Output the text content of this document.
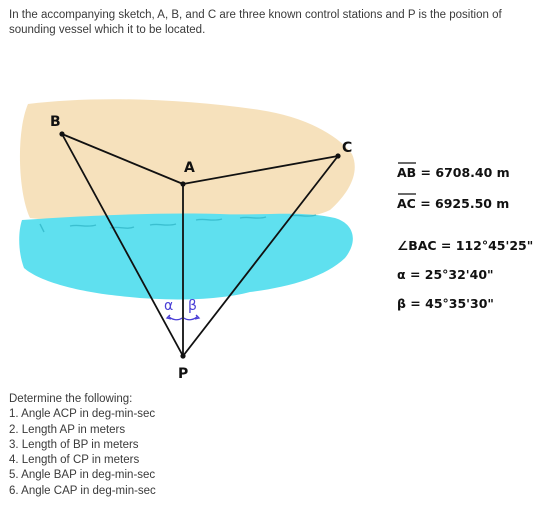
In the accompanying sketch, A, B, and C are three known control stations and P is the position of sounding vessel which it to be located.
B
A
C
P
α β
AB = 6708.40 m
AC = 6925.50 m
∠BAC = 112°45'25"
α = 25°32'40"
β = 45°35'30"
Determine the following:
1. Angle ACP in deg-min-sec
2. Length AP in meters
3. Length of BP in meters
4. Length of CP in meters
5. Angle BAP in deg-min-sec
6. Angle CAP in deg-min-sec
